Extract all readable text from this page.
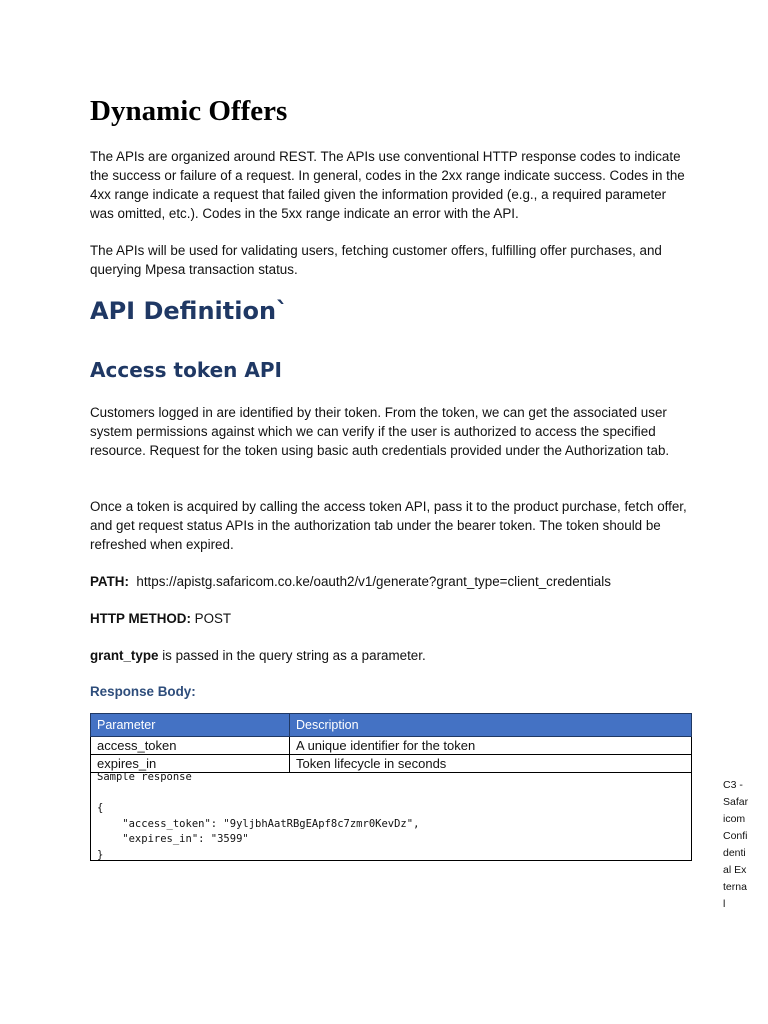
Dynamic Offers

The APIs are organized around REST. The APIs use conventional HTTP response codes to indicate the success or failure of a request. In general, codes in the 2xx range indicate success. Codes in the 4xx range indicate a request that failed given the information provided (e.g., a required parameter was omitted, etc.). Codes in the 5xx range indicate an error with the API.

The APIs will be used for validating users, fetching customer offers, fulfilling offer purchases, and querying Mpesa transaction status.

API Definition`
Access token API

Customers logged in are identified by their token. From the token, we can get the associated user system permissions against which we can verify if the user is authorized to access the specified resource. Request for the token using basic auth credentials provided under the Authorization tab.

Once a token is acquired by calling the access token API, pass it to the product purchase, fetch offer, and get request status APIs in the authorization tab under the bearer token. The token should be refreshed when expired.

PATH: https://apistg.safaricom.co.ke/oauth2/v1/generate?grant_type=client_credentials

HTTP METHOD: POST

grant_type is passed in the query string as a parameter.

Response Body:

Parameter	Description
access_token	A unique identifier for the token
expires_in	Token lifecycle in seconds
Sample response

{
"access_token": "9yljbhAatRBgEApf8c7zmr0KevDz",
"expires_in": "3599"
}
C3 - Safaricom Confidential External
